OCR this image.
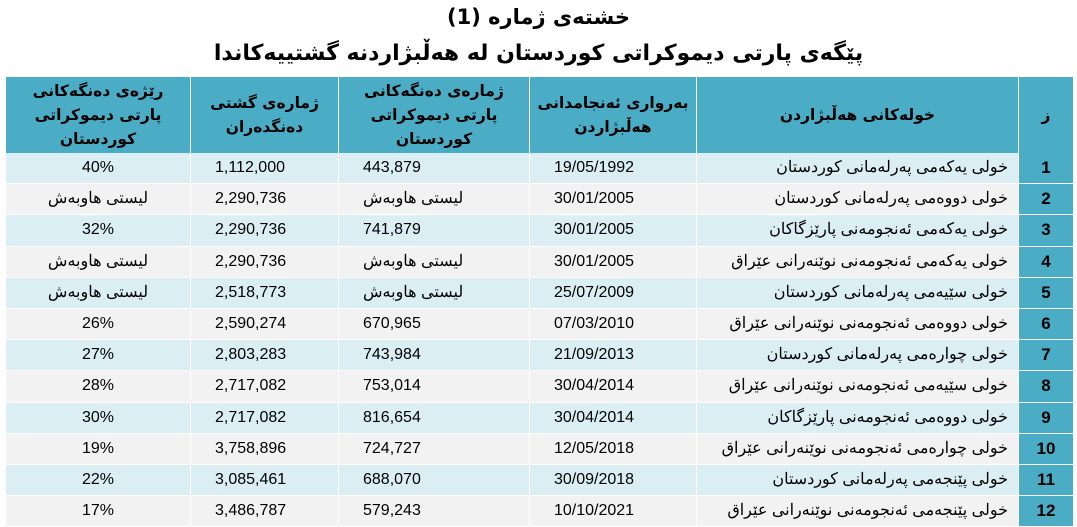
خشتەی ژمارە (1)
پێگەی پارتی دیموكراتی كوردستان لە هەڵبژاردنە گشتییەكاندا
ز	خولەكانی هەڵبژاردن	بەرواری ئەنجامدانی هەڵبژاردن	ژمارەی دەنگەكانی پارتی دیموكراتی كوردستان	ژمارەی گشتی دەنگدەران	رێژەی دەنگەكانی پارتی دیموكراتی كوردستان
1	خولی یەكەمی پەرلەمانی كوردستان	19/05/1992	443,879	1,112,000	40%
2	خولی دووەمی پەرلەمانی كوردستان	30/01/2005	لیستی هاوبەش	2,290,736	لیستی هاوبەش
3	خولی یەكەمی ئەنجومەنی پارێزگاكان	30/01/2005	741,879	2,290,736	32%
4	خولی یەكەمی ئەنجومەنی نوێنەرانی عێراق	30/01/2005	لیستی هاوبەش	2,290,736	لیستی هاوبەش
5	خولی سێیەمی پەرلەمانی كوردستان	25/07/2009	لیستی هاوبەش	2,518,773	لیستی هاوبەش
6	خولی دووەمی ئەنجومەنی نوێنەرانی عێراق	07/03/2010	670,965	2,590,274	26%
7	خولی چوارەمی پەرلەمانی كوردستان	21/09/2013	743,984	2,803,283	27%
8	خولی سێیەمی ئەنجومەنی نوێنەرانی عێراق	30/04/2014	753,014	2,717,082	28%
9	خولی دووەمی ئەنجومەنی پارێزگاكان	30/04/2014	816,654	2,717,082	30%
10	خولی چوارەمی ئەنجومەنی نوێنەرانی عێراق	12/05/2018	724,727	3,758,896	19%
11	خولی پێنجەمی پەرلەمانی كوردستان	30/09/2018	688,070	3,085,461	22%
12	خولی پێنجەمی ئەنجومەنی نوێنەرانی عێراق	10/10/2021	579,243	3,486,787	17%
